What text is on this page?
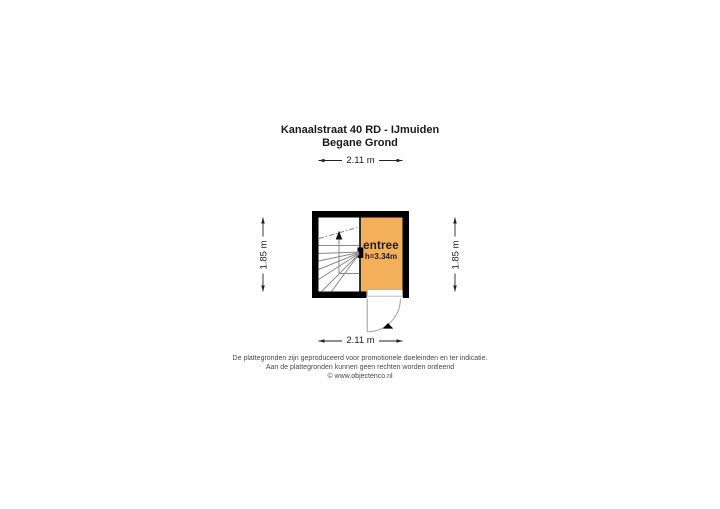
Kanaalstraat 40 RD - IJmuiden
Begane Grond
2.11 m
2.11 m
1.85 m	1.85 m
entree
h=3.34m
De plattegronden zijn geproduceerd voor promotionele doeleinden en ter indicatie.
Aan de plattegronden kunnen geen rechten worden ontleend
© www.objectenco.nl
